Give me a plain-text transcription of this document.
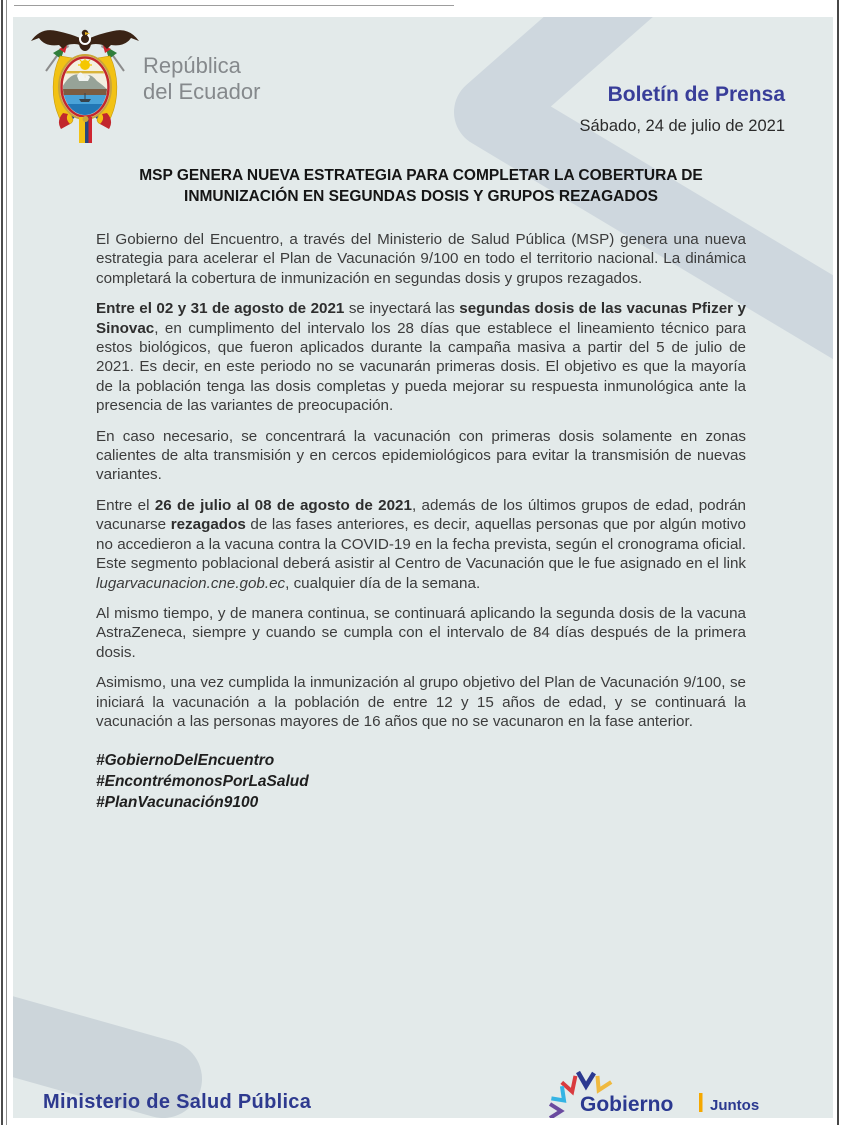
República
del Ecuador	Boletín de Prensa
Sábado, 24 de julio de 2021
MSP GENERA NUEVA ESTRATEGIA PARA COMPLETAR LA COBERTURA DE
INMUNIZACIÓN EN SEGUNDAS DOSIS Y GRUPOS REZAGADOS

El Gobierno del Encuentro, a través del Ministerio de Salud Pública (MSP) genera una nueva estrategia para acelerar el Plan de Vacunación 9/100 en todo el territorio nacional. La dinámica completará la cobertura de inmunización en segundas dosis y grupos rezagados.

Entre el 02 y 31 de agosto de 2021 se inyectará las segundas dosis de las vacunas Pfizer y Sinovac, en cumplimento del intervalo los 28 días que establece el lineamiento técnico para estos biológicos, que fueron aplicados durante la campaña masiva a partir del 5 de julio de 2021. Es decir, en este periodo no se vacunarán primeras dosis. El objetivo es que la mayoría de la población tenga las dosis completas y pueda mejorar su respuesta inmunológica ante la presencia de las variantes de preocupación.

En caso necesario, se concentrará la vacunación con primeras dosis solamente en zonas calientes de alta transmisión y en cercos epidemiológicos para evitar la transmisión de nuevas variantes.

Entre el 26 de julio al 08 de agosto de 2021, además de los últimos grupos de edad, podrán vacunarse rezagados de las fases anteriores, es decir, aquellas personas que por algún motivo no accedieron a la vacuna contra la COVID-19 en la fecha prevista, según el cronograma oficial. Este segmento poblacional deberá asistir al Centro de Vacunación que le fue asignado en el link lugarvacunacion.cne.gob.ec, cualquier día de la semana.

Al mismo tiempo, y de manera continua, se continuará aplicando la segunda dosis de la vacuna AstraZeneca, siempre y cuando se cumpla con el intervalo de 84 días después de la primera dosis.

Asimismo, una vez cumplida la inmunización al grupo objetivo del Plan de Vacunación 9/100, se iniciará la vacunación a la población de entre 12 y 15 años de edad, y se continuará la vacunación a las personas mayores de 16 años que no se vacunaron en la fase anterior.

#GobiernoDelEncuentro
#EncontrémonosPorLaSalud
#PlanVacunación9100
Ministerio de Salud Pública	Gobierno Juntos
